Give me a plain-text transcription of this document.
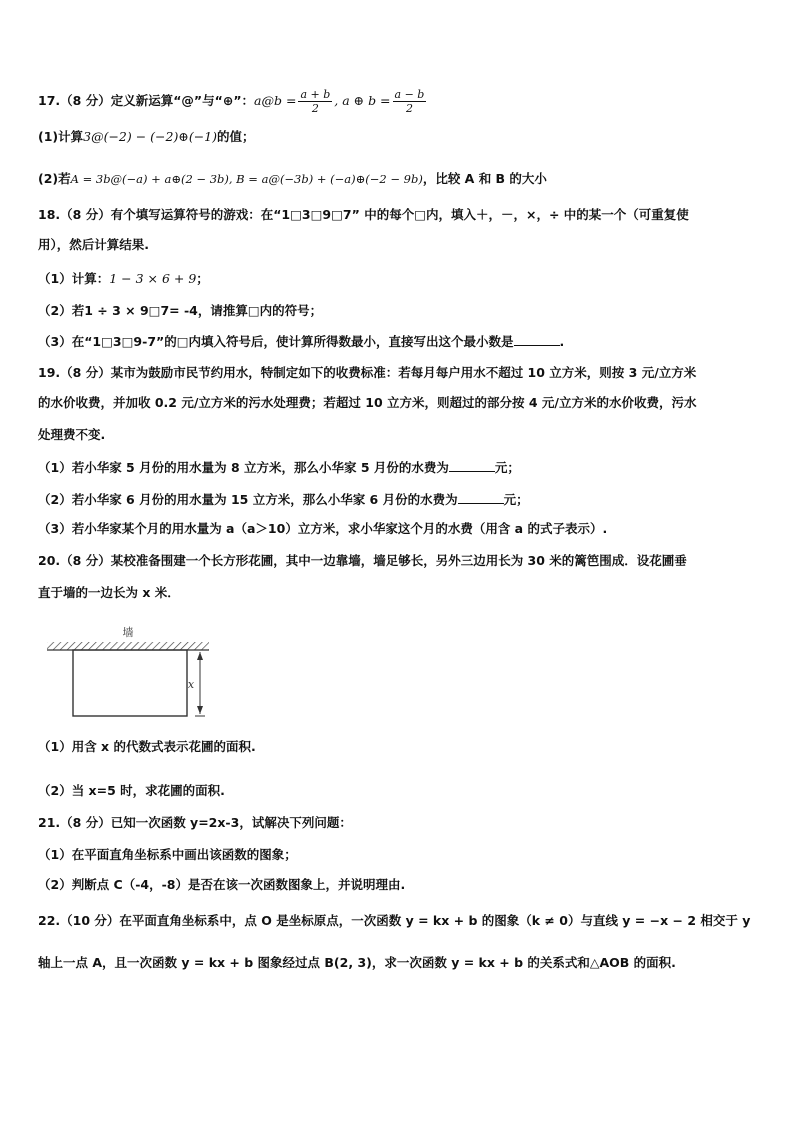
17.（8 分）定义新运算“@”与“⊕”：a@b = $\frac{a + b}{2}$ , a ⊕ $b = \frac{a - b}{2}$
(1)计算3@(−2) − (−2)⊕(−1)的值；
(2)若A = 3b@(−a) + a⊕(2 − 3b), B = a@(−3b) + (−a)⊕(−2 − 9b)，比较 A 和 B 的大小
18.（8 分）有个填写运算符号的游戏：在“1□3□9□7” 中的每个□内，填入＋，－，×，÷ 中的某一个（可重复使
用），然后计算结果.
（1）计算：1 − 3 × 6 + 9；
（2）若1 ÷ 3 × 9□7= -4，请推算□内的符号；
（3）在“1□3□9-7”的□内填入符号后，使计算所得数最小，直接写出这个最小数是	.
19.（8 分）某市为鼓励市民节约用水，特制定如下的收费标准：若每月每户用水不超过 10 立方米，则按 3 元/立方米
的水价收费，并加收 0.2 元/立方米的污水处理费；若超过 10 立方米，则超过的部分按 4 元/立方米的水价收费，污水
处理费不变.
（1）若小华家 5 月份的用水量为 8 立方米，那么小华家 5 月份的水费为	元；
（2）若小华家 6 月份的用水量为 15 立方米，那么小华家 6 月份的水费为	元；
（3）若小华家某个月的用水量为 a（a＞10）立方米，求小华家这个月的水费（用含 a 的式子表示）.
20.（8 分）某校准备围建一个长方形花圃，其中一边靠墙，墙足够长，另外三边用长为 30 米的篱笆围成．设花圃垂
直于墙的一边长为 x 米．
墙
x
（1）用含 x 的代数式表示花圃的面积.
（2）当 x=5 时，求花圃的面积.
21.（8 分）已知一次函数 y=2x-3，试解决下列问题：
（1）在平面直角坐标系中画出该函数的图象；
（2）判断点 C（-4，-8）是否在该一次函数图象上，并说明理由.
22.（10 分）在平面直角坐标系中，点 O 是坐标原点，一次函数 y = kx + b 的图象（k ≠ 0）与直线 y = −x − 2 相交于 y
轴上一点 A，且一次函数 y = kx + b 图象经过点 B(2, 3)，求一次函数 y = kx + b 的关系式和△AOB 的面积.
